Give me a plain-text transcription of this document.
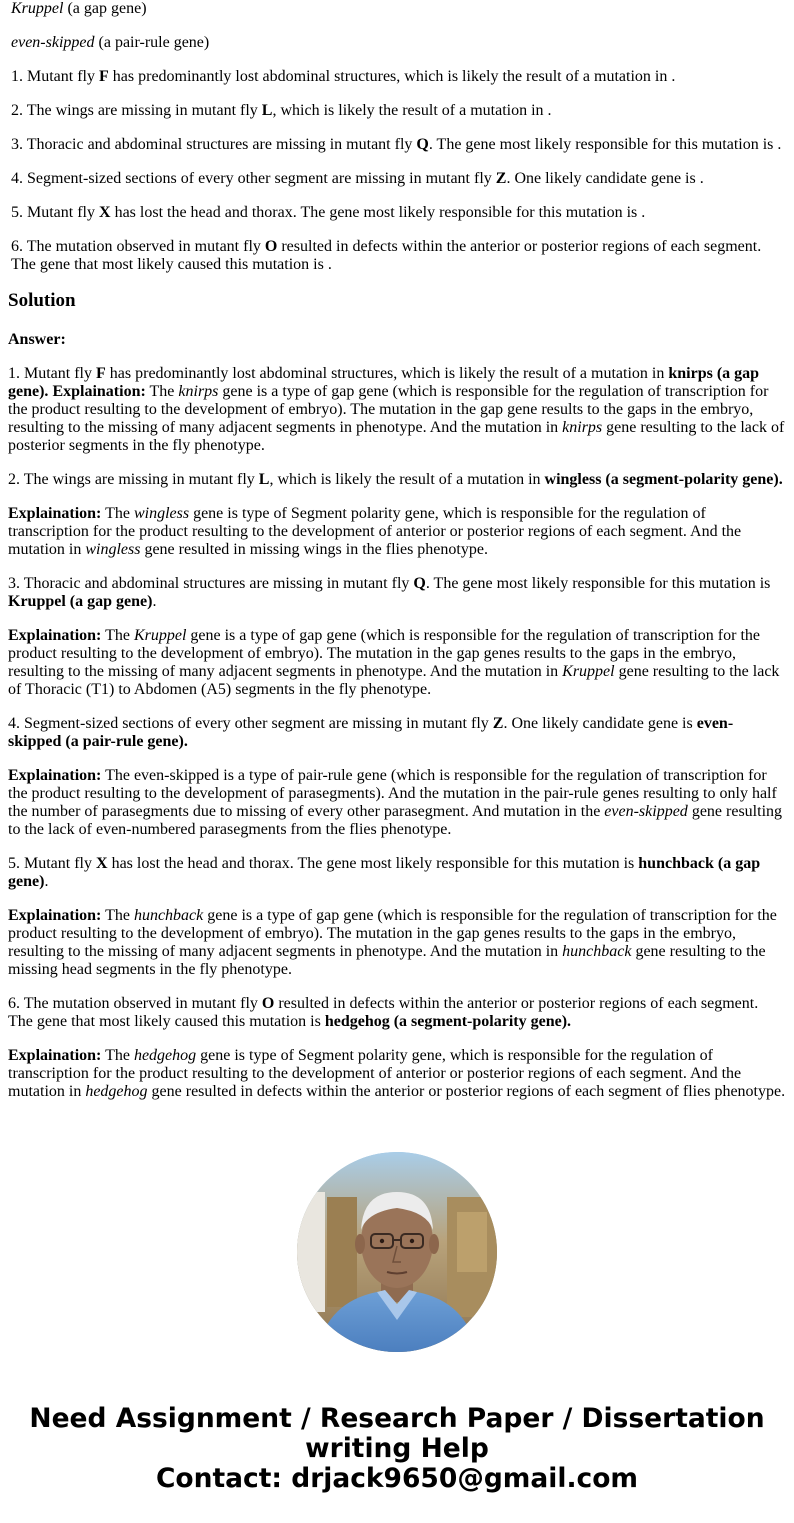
Kruppel (a gap gene)

even-skipped (a pair-rule gene)

1. Mutant fly F has predominantly lost abdominal structures, which is likely the result of a mutation in .

2. The wings are missing in mutant fly L, which is likely the result of a mutation in .

3. Thoracic and abdominal structures are missing in mutant fly Q. The gene most likely responsible for this mutation is .

4. Segment-sized sections of every other segment are missing in mutant fly Z. One likely candidate gene is .

5. Mutant fly X has lost the head and thorax. The gene most likely responsible for this mutation is .

6. The mutation observed in mutant fly O resulted in defects within the anterior or posterior regions of each segment. The gene that most likely caused this mutation is .

Solution

Answer:

1. Mutant fly F has predominantly lost abdominal structures, which is likely the result of a mutation in knirps (a gap gene). Explaination: The knirps gene is a type of gap gene (which is responsible for the regulation of transcription for the product resulting to the development of embryo). The mutation in the gap gene results to the gaps in the embryo, resulting to the missing of many adjacent segments in phenotype. And the mutation in knirps gene resulting to the lack of posterior segments in the fly phenotype.

2. The wings are missing in mutant fly L, which is likely the result of a mutation in wingless (a segment-polarity gene).

Explaination: The wingless gene is type of Segment polarity gene, which is responsible for the regulation of transcription for the product resulting to the development of anterior or posterior regions of each segment. And the mutation in wingless gene resulted in missing wings in the flies phenotype.

3. Thoracic and abdominal structures are missing in mutant fly Q. The gene most likely responsible for this mutation is Kruppel (a gap gene).

Explaination: The Kruppel gene is a type of gap gene (which is responsible for the regulation of transcription for the product resulting to the development of embryo). The mutation in the gap genes results to the gaps in the embryo, resulting to the missing of many adjacent segments in phenotype. And the mutation in Kruppel gene resulting to the lack of Thoracic (T1) to Abdomen (A5) segments in the fly phenotype.

4. Segment-sized sections of every other segment are missing in mutant fly Z. One likely candidate gene is even-skipped (a pair-rule gene).

Explaination: The even-skipped is a type of pair-rule gene (which is responsible for the regulation of transcription for the product resulting to the development of parasegments). And the mutation in the pair-rule genes resulting to only half the number of parasegments due to missing of every other parasegment. And mutation in the even-skipped gene resulting to the lack of even-numbered parasegments from the flies phenotype.

5. Mutant fly X has lost the head and thorax. The gene most likely responsible for this mutation is hunchback (a gap gene).

Explaination: The hunchback gene is a type of gap gene (which is responsible for the regulation of transcription for the product resulting to the development of embryo). The mutation in the gap genes results to the gaps in the embryo, resulting to the missing of many adjacent segments in phenotype. And the mutation in hunchback gene resulting to the missing head segments in the fly phenotype.

6. The mutation observed in mutant fly O resulted in defects within the anterior or posterior regions of each segment. The gene that most likely caused this mutation is hedgehog (a segment-polarity gene).

Explaination: The hedgehog gene is type of Segment polarity gene, which is responsible for the regulation of transcription for the product resulting to the development of anterior or posterior regions of each segment. And the mutation in hedgehog gene resulted in defects within the anterior or posterior regions of each segment of flies phenotype.

Need Assignment / Research Paper / Dissertation
writing Help
Contact: drjack9650@gmail.com
